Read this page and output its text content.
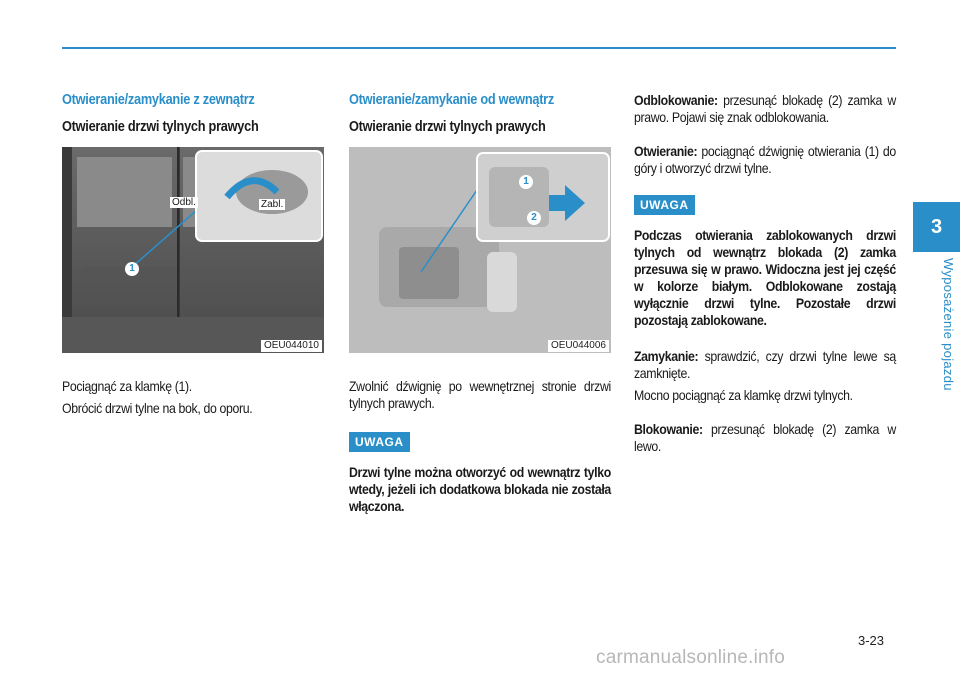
Otwieranie/zamykanie z zewnątrz
Otwieranie drzwi tylnych prawych
1
Odbl.	Zabl.
OEU044010

Pociągnąć za klamkę (1).

Obrócić drzwi tylne na bok, do oporu.

Otwieranie/zamykanie od wewnątrz
Otwieranie drzwi tylnych prawych
1
2
OEU044006

Zwolnić dźwignię po wewnętrznej stronie drzwi tylnych prawych.

UWAGA

Drzwi tylne można otworzyć od wewnątrz tylko wtedy, jeżeli ich dodatkowa blokada nie została włączona.

Odblokowanie: przesunąć blokadę (2) zamka w prawo. Pojawi się znak odblokowania.

Otwieranie: pociągnąć dźwignię otwierania (1) do góry i otworzyć drzwi tylne.

UWAGA

Podczas otwierania zablokowanych drzwi tylnych od wewnątrz blokada (2) zamka przesuwa się w prawo. Widoczna jest jej część w kolorze białym. Odblokowane zostają wyłącznie drzwi tylne. Pozostałe drzwi pozostają zablokowane.

Zamykanie: sprawdzić, czy drzwi tylne lewe są zamknięte.

Mocno pociągnąć za klamkę drzwi tylnych.

Blokowanie: przesunąć blokadę (2) zamka w lewo.

3
Wyposażenie pojazdu
3-23
carmanualsonline.info
